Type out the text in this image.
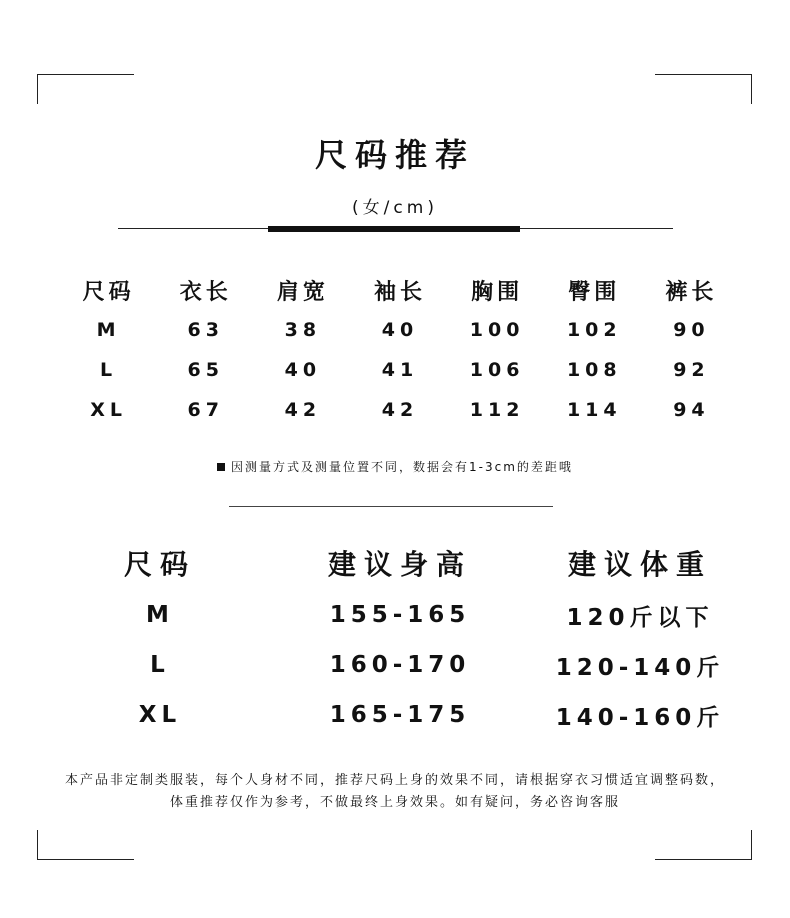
尺码推荐
(女/cm)
尺码	衣长	肩宽	袖长	胸围	臀围	裤长
M	63	38	40	100	102	90
L	65	40	41	106	108	92
XL	67	42	42	112	114	94
因测量方式及测量位置不同，数据会有1-3cm的差距哦
尺码	建议身高	建议体重
M	155-165	120斤以下
L	160-170	120-140斤
XL	165-175	140-160斤
本产品非定制类服装，每个人身材不同，推荐尺码上身的效果不同，请根据穿衣习惯适宜调整码数，
体重推荐仅作为参考，不做最终上身效果。如有疑问，务必咨询客服
